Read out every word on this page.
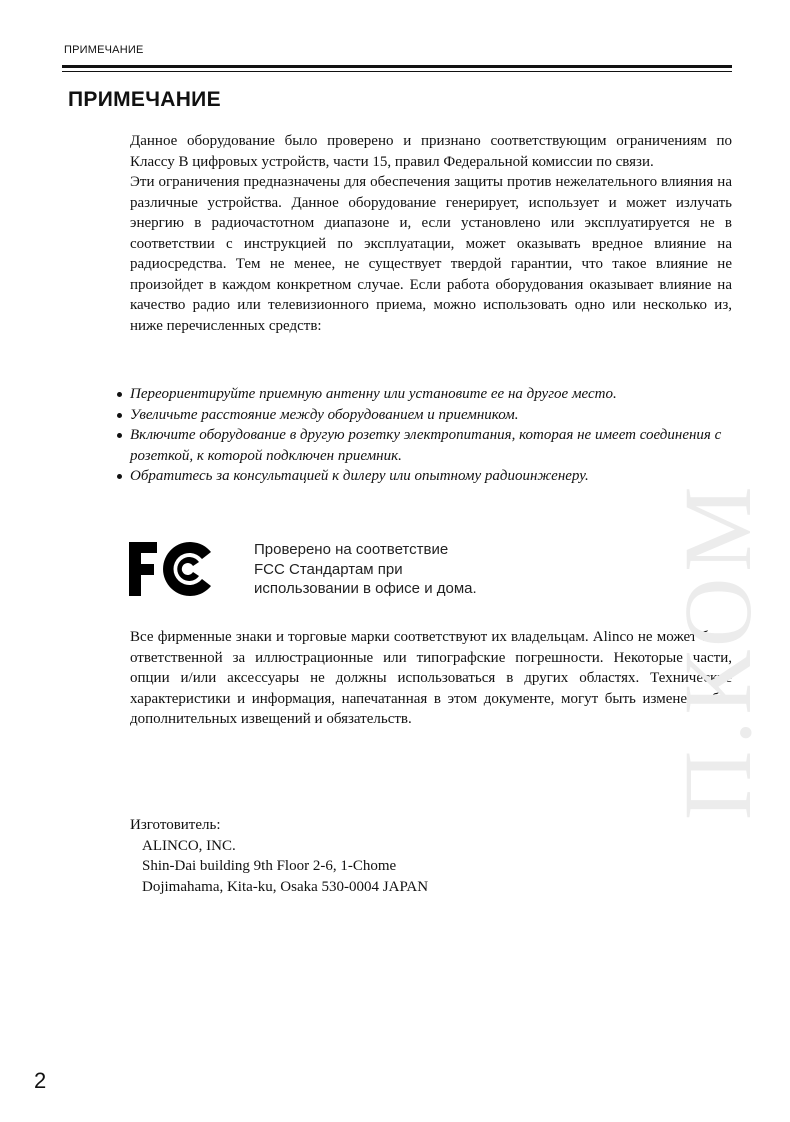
ПРИМЕЧАНИЕ
ПРИМЕЧАНИЕ

Данное оборудование было проверено и признано соответствующим ограничениям по Классу B цифровых устройств, части 15, правил Федеральной комиссии по связи.

Эти ограничения предназначены для обеспечения защиты против нежелательного влияния на различные устройства. Данное оборудование генерирует, использует и может излучать энергию в радиочастотном диапазоне и, если установлено или эксплуатируется не в соответствии с инструкцией по эксплуатации, может оказывать вредное влияние на радиосредства. Тем не менее, не существует твердой гарантии, что такое влияние не произойдет в каждом конкретном случае. Если работа оборудования оказывает влияние на качество радио или телевизионного приема, можно использовать одно или несколько из, ниже перечисленных средств:

Переориентируйте приемную антенну или установите ее на другое место.
Увеличьте расстояние между оборудованием и приемником.
Включите оборудование в другую розетку электропитания, которая не имеет соединения с розеткой, к которой подключен приемник.
Обратитесь за консультацией к дилеру или опытному радиоинженеру.
Проверено на соответствие
FCC Стандартам при
использовании в офисе и дома.

Все фирменные знаки и торговые марки соответствуют их владельцам. Alinco не может быть ответственной за иллюстрационные или типографские погрешности. Некоторые части, опции и/или аксессуары не должны использоваться в других областях. Технические характеристики и информация, напечатанная в этом документе, могут быть изменены без дополнительных извещений и обязательств.

Изготовитель:
ALINCO, INC.
Shin-Dai building 9th Floor 2-6, 1-Chome
Dojimahama, Kita-ku, Osaka 530-0004 JAPAN
П.КОМ
2
